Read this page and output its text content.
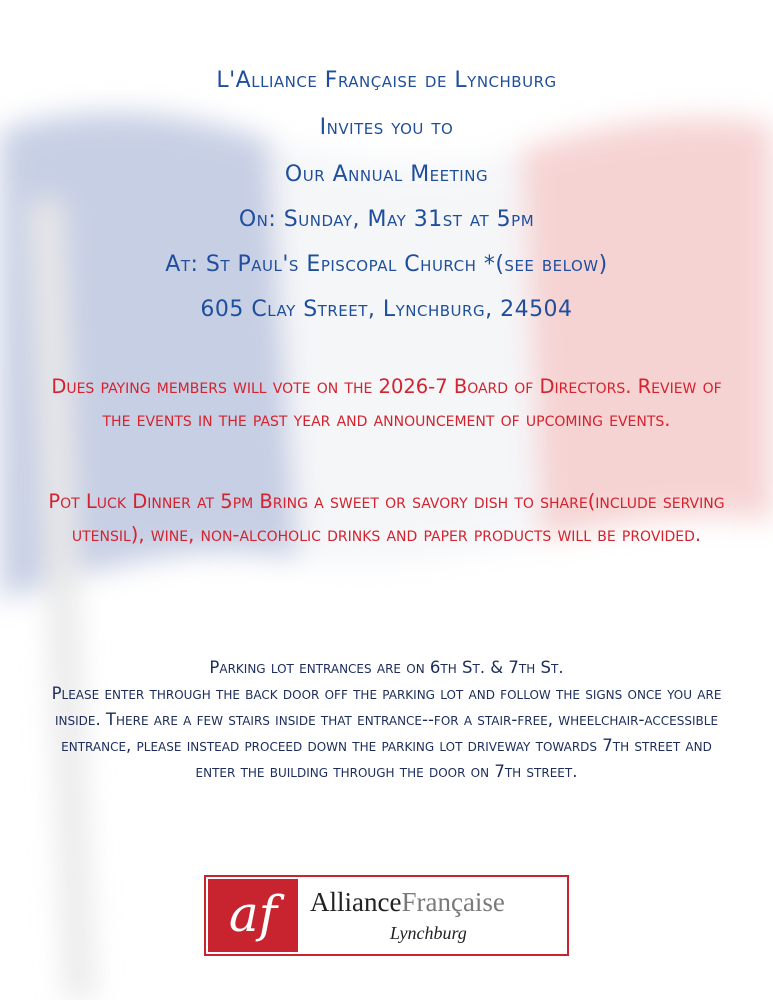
L'Alliance Française de Lynchburg
Invites you to
Our Annual Meeting
On: Sunday, May 31st at 5pm
At: St Paul's Episcopal Church *(see below)
605 Clay Street, Lynchburg, 24504
Dues paying members will vote on the 2026-7 Board of Directors. Review of the events in the past year and announcement of upcoming events.
Pot Luck Dinner at 5pm Bring a sweet or savory dish to share(include serving utensil), wine, non-alcoholic drinks and paper products will be provided.
Parking lot entrances are on 6th St. & 7th St.
Please enter through the back door off the parking lot and follow the signs once you are inside. There are a few stairs inside that entrance--for a stair-free, wheelchair-accessible entrance, please instead proceed down the parking lot driveway towards 7th street and enter the building through the door on 7th street.
af	AllianceFrançaise
Lynchburg
